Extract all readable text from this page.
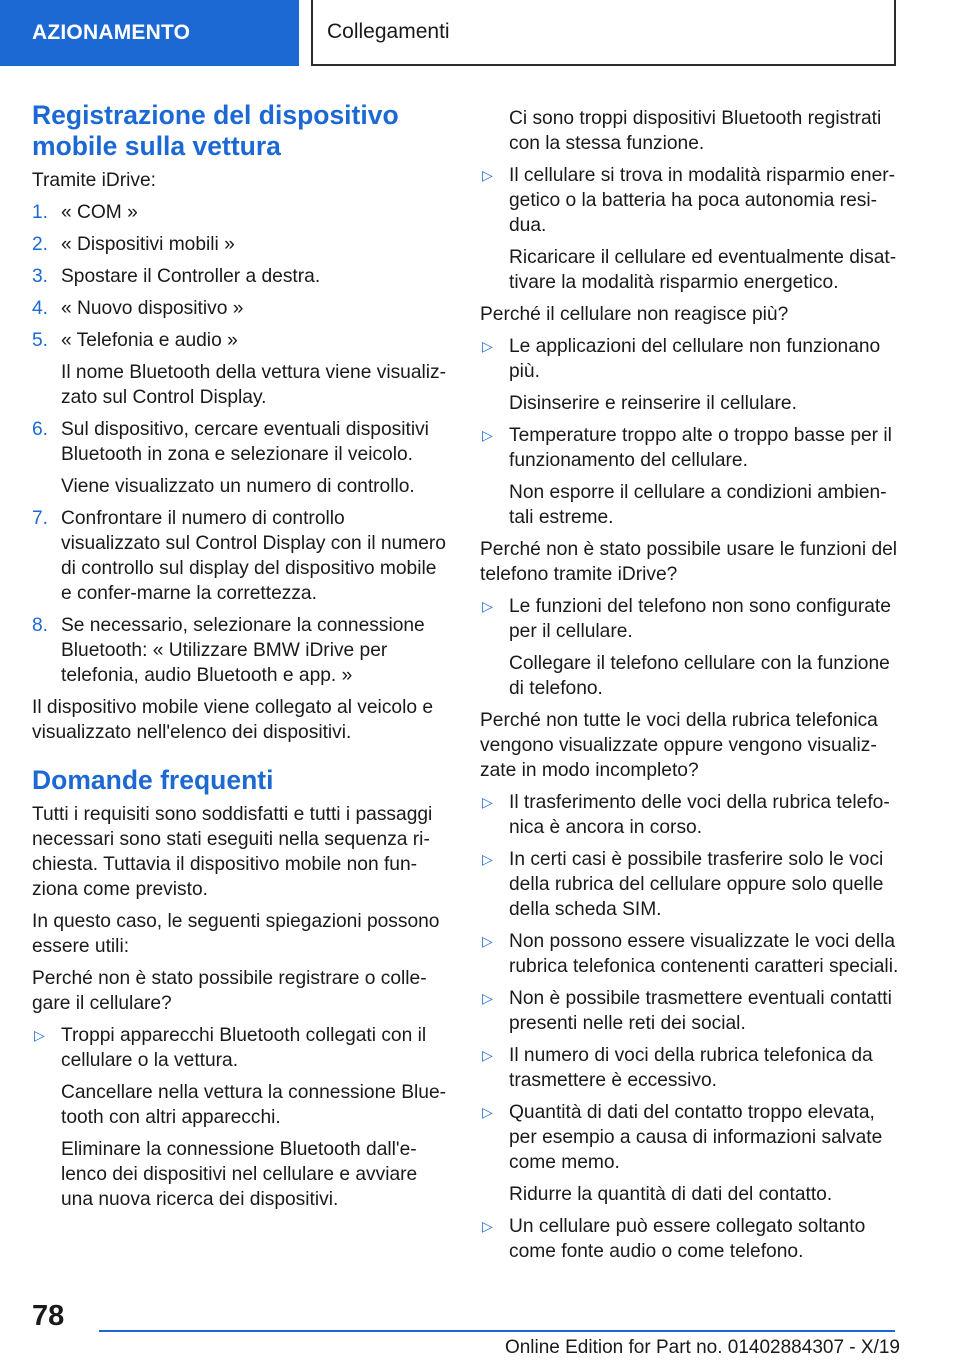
AZIONAMENTO	Collegamenti
Registrazione del dispositivo mobile sulla vettura

Tramite iDrive:

1. « COM »
2. « Dispositivi mobili »
3. Spostare il Controller a destra.
4. « Nuovo dispositivo »
5. « Telefonia e audio »
Il nome Bluetooth della vettura viene visualiz-zato sul Control Display.
6. Sul dispositivo, cercare eventuali dispositivi Bluetooth in zona e selezionare il veicolo.
Viene visualizzato un numero di controllo.
7. Confrontare il numero di controllo visualizzato sul Control Display con il numero di controllo sul display del dispositivo mobile e confer-marne la correttezza.
8. Se necessario, selezionare la connessione Bluetooth: « Utilizzare BMW iDrive per telefonia, audio Bluetooth e app. »

Il dispositivo mobile viene collegato al veicolo e visualizzato nell'elenco dei dispositivi.

Domande frequenti

Tutti i requisiti sono soddisfatti e tutti i passaggi necessari sono stati eseguiti nella sequenza ri-chiesta. Tuttavia il dispositivo mobile non fun-ziona come previsto.

In questo caso, le seguenti spiegazioni possono essere utili:

Perché non è stato possibile registrare o colle-gare il cellulare?

▷ Troppi apparecchi Bluetooth collegati con il cellulare o la vettura.
Cancellare nella vettura la connessione Blue-tooth con altri apparecchi.
Eliminare la connessione Bluetooth dall'e-lenco dei dispositivi nel cellulare e avviare una nuova ricerca dei dispositivi.

Ci sono troppi dispositivi Bluetooth registrati con la stessa funzione.

▷ Il cellulare si trova in modalità risparmio ener-getico o la batteria ha poca autonomia resi-dua.
Ricaricare il cellulare ed eventualmente disat-tivare la modalità risparmio energetico.

Perché il cellulare non reagisce più?

▷ Le applicazioni del cellulare non funzionano più.
Disinserire e reinserire il cellulare.
▷ Temperature troppo alte o troppo basse per il funzionamento del cellulare.
Non esporre il cellulare a condizioni ambien-tali estreme.

Perché non è stato possibile usare le funzioni del telefono tramite iDrive?

▷ Le funzioni del telefono non sono configurate per il cellulare.
Collegare il telefono cellulare con la funzione di telefono.

Perché non tutte le voci della rubrica telefonica vengono visualizzate oppure vengono visualiz-zate in modo incompleto?

▷ Il trasferimento delle voci della rubrica telefo-nica è ancora in corso.
▷ In certi casi è possibile trasferire solo le voci della rubrica del cellulare oppure solo quelle della scheda SIM.
▷ Non possono essere visualizzate le voci della rubrica telefonica contenenti caratteri speciali.
▷ Non è possibile trasmettere eventuali contatti presenti nelle reti dei social.
▷ Il numero di voci della rubrica telefonica da trasmettere è eccessivo.
▷ Quantità di dati del contatto troppo elevata, per esempio a causa di informazioni salvate come memo.
Ridurre la quantità di dati del contatto.
▷ Un cellulare può essere collegato soltanto come fonte audio o come telefono.
78
Online Edition for Part no. 01402884307 - X/19
